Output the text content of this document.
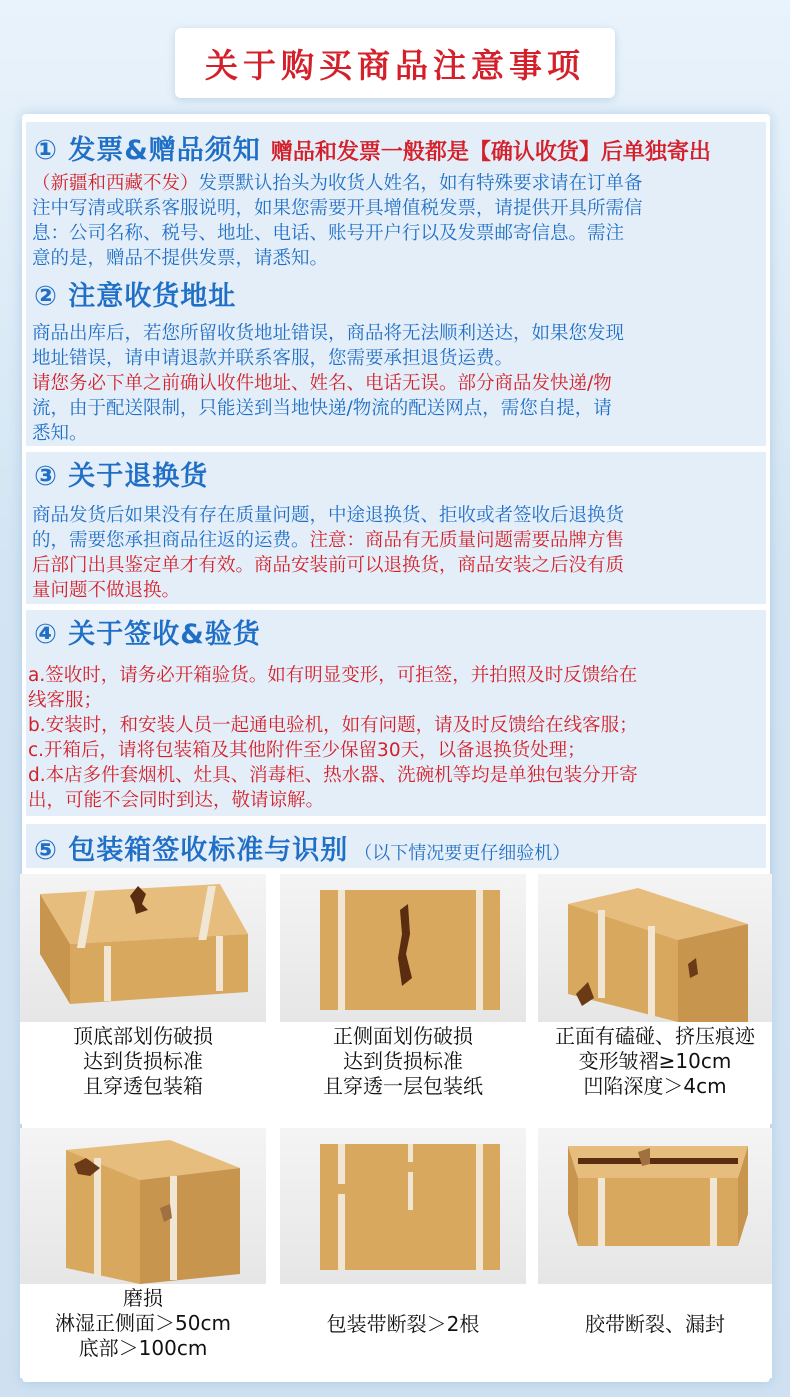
关于购买商品注意事项
① 发票&赠品须知 赠品和发票一般都是【确认收货】后单独寄出
（新疆和西藏不发）发票默认抬头为收货人姓名，如有特殊要求请在订单备
注中写清或联系客服说明，如果您需要开具增值税发票，请提供开具所需信
息：公司名称、税号、地址、电话、账号开户行以及发票邮寄信息。需注
意的是，赠品不提供发票，请悉知。
② 注意收货地址
商品出库后，若您所留收货地址错误，商品将无法顺利送达，如果您发现
地址错误，请申请退款并联系客服，您需要承担退货运费。
请您务必下单之前确认收件地址、姓名、电话无误。部分商品发快递/物
流，由于配送限制，只能送到当地快递/物流的配送网点，需您自提，请
悉知。
③ 关于退换货
商品发货后如果没有存在质量问题，中途退换货、拒收或者签收后退换货
的，需要您承担商品往返的运费。注意：商品有无质量问题需要品牌方售
后部门出具鉴定单才有效。商品安装前可以退换货，商品安装之后没有质
量问题不做退换。
④ 关于签收&验货
a.签收时，请务必开箱验货。如有明显变形，可拒签，并拍照及时反馈给在
线客服；
b.安装时，和安装人员一起通电验机，如有问题，请及时反馈给在线客服；
c.开箱后，请将包装箱及其他附件至少保留30天，以备退换货处理；
d.本店多件套烟机、灶具、消毒柜、热水器、洗碗机等均是单独包装分开寄
出，可能不会同时到达，敬请谅解。
⑤ 包装箱签收标准与识别 （以下情况要更仔细验机）
顶底部划伤破损
达到货损标准
且穿透包装箱
正侧面划伤破损
达到货损标准
且穿透一层包装纸
正面有磕碰、挤压痕迹
变形皱褶≥10cm
凹陷深度＞4cm
磨损
淋湿正侧面＞50cm
底部＞100cm
包装带断裂＞2根	胶带断裂、漏封
